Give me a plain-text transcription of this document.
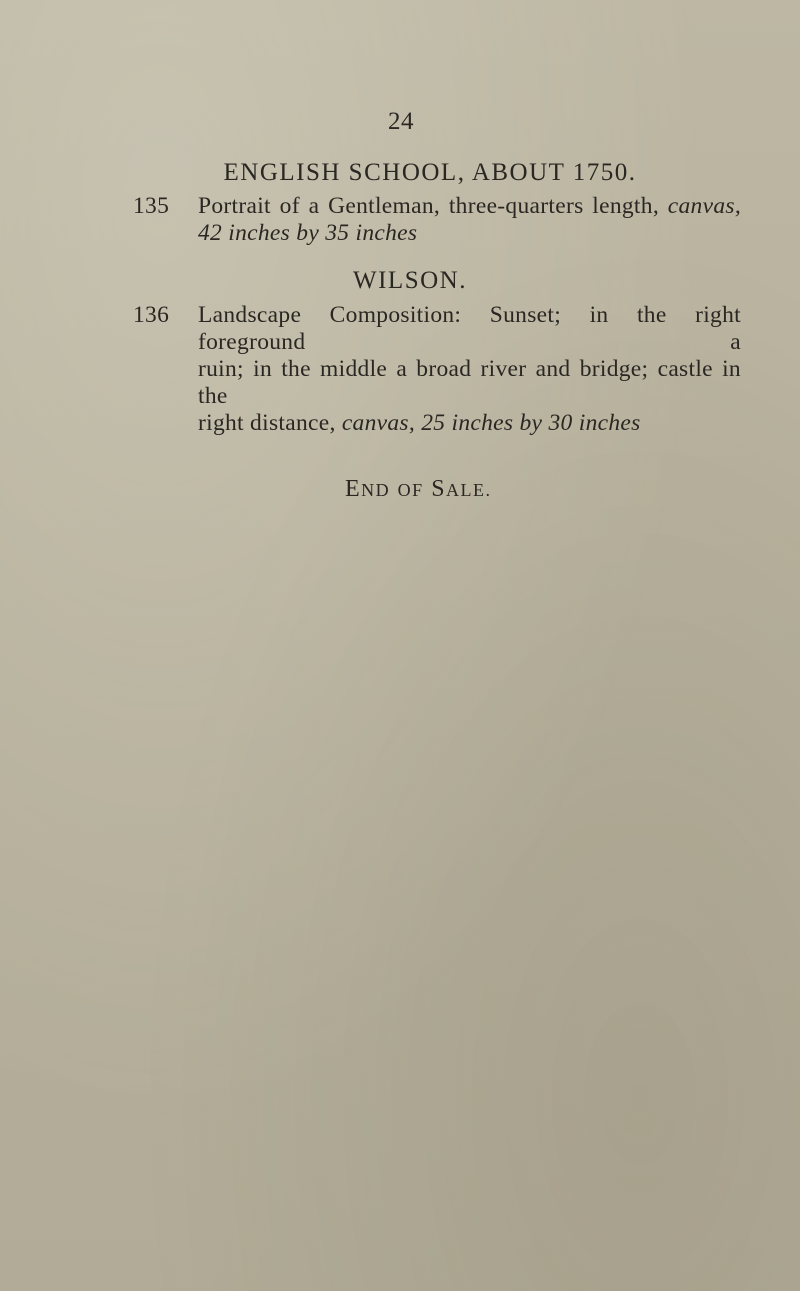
24
ENGLISH SCHOOL, ABOUT 1750.
135	Portrait of a Gentleman, three-quarters length, canvas,
42 inches by 35 inches
WILSON.
136	Landscape Composition: Sunset; in the right foreground a
ruin; in the middle a broad river and bridge; castle in the
right distance, canvas, 25 inches by 30 inches
END OF SALE.
